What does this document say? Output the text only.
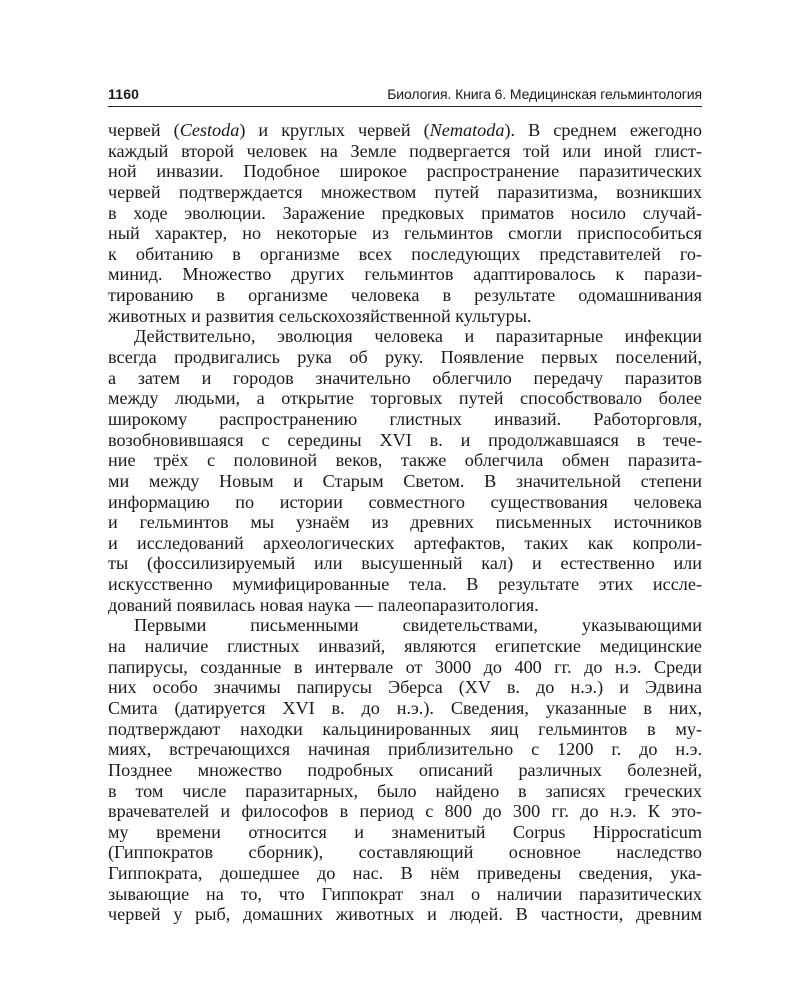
1160	Биология. Книга 6. Медицинская гельминтология
червей (Cestoda) и круглых червей (Nematoda). В среднем ежегодно
каждый второй человек на Земле подвергается той или иной глист-
ной инвазии. Подобное широкое распространение паразитических
червей подтверждается множеством путей паразитизма, возникших
в ходе эволюции. Заражение предковых приматов носило случай-
ный характер, но некоторые из гельминтов смогли приспособиться
к обитанию в организме всех последующих представителей го-
минид. Множество других гельминтов адаптировалось к парази-
тированию в организме человека в результате одомашнивания
животных и развития сельскохозяйственной культуры.
Действительно, эволюция человека и паразитарные инфекции
всегда продвигались рука об руку. Появление первых поселений,
а затем и городов значительно облегчило передачу паразитов
между людьми, а открытие торговых путей способствовало более
широкому распространению глистных инвазий. Работорговля,
возобновившаяся с середины XVI в. и продолжавшаяся в тече-
ние трёх с половиной веков, также облегчила обмен паразита-
ми между Новым и Старым Светом. В значительной степени
информацию по истории совместного существования человека
и гельминтов мы узнаём из древних письменных источников
и исследований археологических артефактов, таких как копроли-
ты (фоссилизируемый или высушенный кал) и естественно или
искусственно мумифицированные тела. В результате этих иссле-
дований появилась новая наука — палеопаразитология.
Первыми письменными свидетельствами, указывающими
на наличие глистных инвазий, являются египетские медицинские
папирусы, созданные в интервале от 3000 до 400 гг. до н.э. Среди
них особо значимы папирусы Эберса (XV в. до н.э.) и Эдвина
Смита (датируется XVI в. до н.э.). Сведения, указанные в них,
подтверждают находки кальцинированных яиц гельминтов в му-
миях, встречающихся начиная приблизительно с 1200 г. до н.э.
Позднее множество подробных описаний различных болезней,
в том числе паразитарных, было найдено в записях греческих
врачевателей и философов в период с 800 до 300 гг. до н.э. К это-
му времени относится и знаменитый Corpus Hippocraticum
(Гиппократов сборник), составляющий основное наследство
Гиппократа, дошедшее до нас. В нём приведены сведения, ука-
зывающие на то, что Гиппократ знал о наличии паразитических
червей у рыб, домашних животных и людей. В частности, древним
